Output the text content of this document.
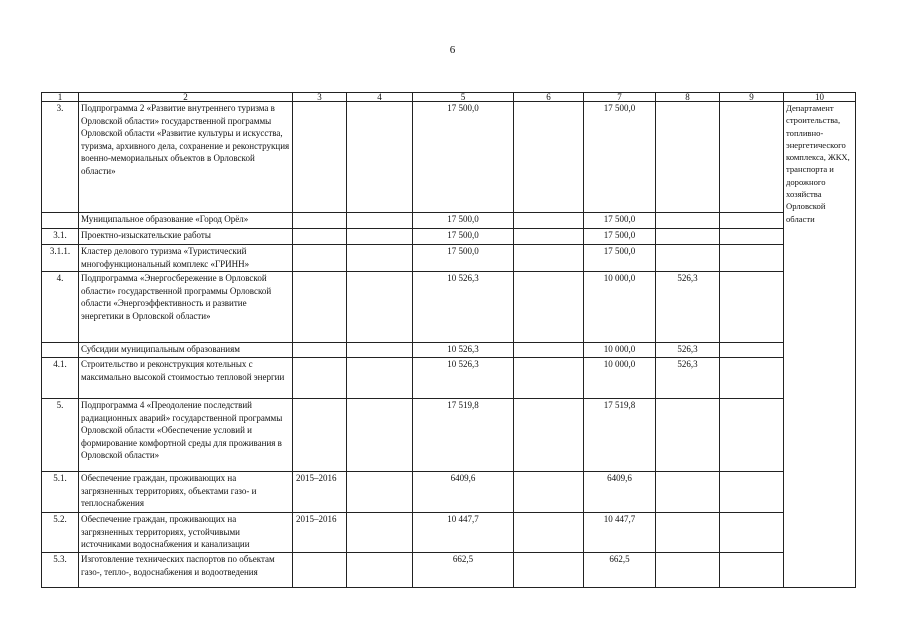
6
1	2	3	4	5	6	7	8	9	10
3.	Подпрограмма 2 «Развитие внутреннего туризма в Орловской области» государственной программы Орловской области «Развитие культуры и искусства, туризма, архивного дела, сохранение и реконструкция военно-мемориальных объектов в Орловской области»			17 500,0		17 500,0			Департамент строительства, топливно-энергетического комплекса, ЖКХ, транспорта и дорожного хозяйства Орловской области
	Муниципальное образование «Город Орёл»			17 500,0		17 500,0			
3.1.	Проектно-изыскательские работы			17 500,0		17 500,0			
3.1.1.	Кластер делового туризма «Туристический многофункциональный комплекс «ГРИНН»			17 500,0		17 500,0			
4.	Подпрограмма «Энергосбережение в Орловской области» государственной программы Орловской области «Энергоэффективность и развитие энергетики в Орловской области»			10 526,3		10 000,0	526,3		
	Субсидии муниципальным образованиям			10 526,3		10 000,0	526,3		
4.1.	Строительство и реконструкция котельных с максимально высокой стоимостью тепловой энергии			10 526,3		10 000,0	526,3		
5.	Подпрограмма 4 «Преодоление последствий радиационных аварий» государственной программы Орловской области «Обеспечение условий и формирование комфортной среды для проживания в Орловской области»			17 519,8		17 519,8			
5.1.	Обеспечение граждан, проживающих на загрязненных территориях, объектами газо- и теплоснабжения	2015–2016		6409,6		6409,6			
5.2.	Обеспечение граждан, проживающих на загрязненных территориях, устойчивыми источниками водоснабжения и канализации	2015–2016		10 447,7		10 447,7			
5.3.	Изготовление технических паспортов по объектам газо-, тепло-, водоснабжения и водоотведения			662,5		662,5			
